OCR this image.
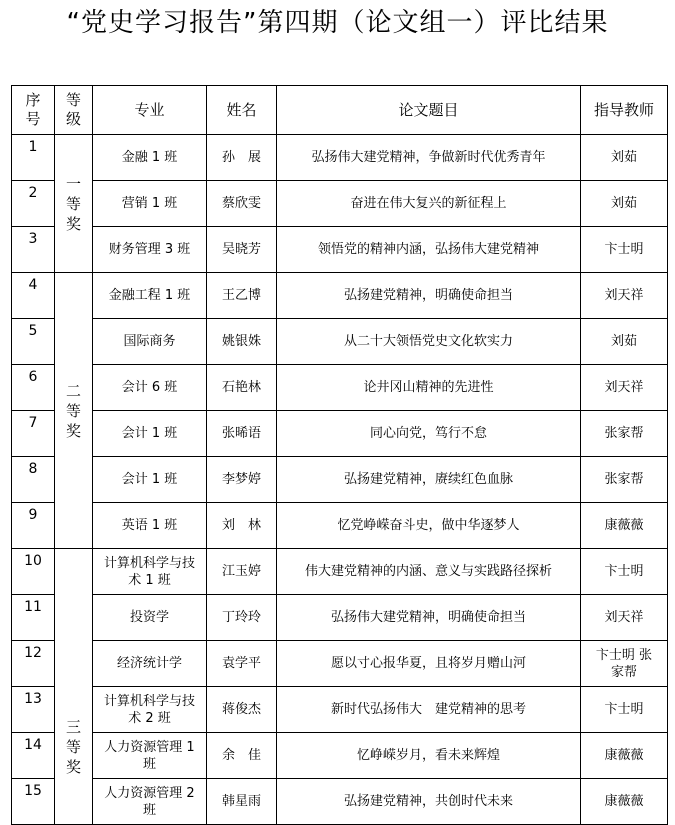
“党史学习报告”第四期（论文组一）评比结果
序号	等级	专业	姓名	论文题目	指导教师
1	一等奖	金融 1 班	孙　展	弘扬伟大建党精神，争做新时代优秀青年	刘茹
2		营销 1 班	蔡欣雯	奋进在伟大复兴的新征程上	刘茹
3		财务管理 3 班	吴晓芳	领悟党的精神内涵，弘扬伟大建党精神	卞士明
4	二等奖	金融工程 1 班	王乙博	弘扬建党精神，明确使命担当	刘天祥
5		国际商务	姚银姝	从二十大领悟党史文化软实力	刘茹
6		会计 6 班	石艳林	论井冈山精神的先进性	刘天祥
7		会计 1 班	张晞语	同心向党，笃行不怠	张家帮
8		会计 1 班	李梦婷	弘扬建党精神，赓续红色血脉	张家帮
9		英语 1 班	刘　林	忆党峥嵘奋斗史，做中华逐梦人	康薇薇
10	三等奖	计算机科学与技术 1 班	江玉婷	伟大建党精神的内涵、意义与实践路径探析	卞士明
11		投资学	丁玲玲	弘扬伟大建党精神，明确使命担当	刘天祥
12		经济统计学	袁学平	愿以寸心报华夏，且将岁月赠山河	卞士明 张家帮
13		计算机科学与技术 2 班	蒋俊杰	新时代弘扬伟大　建党精神的思考	卞士明
14		人力资源管理 1 班	余　佳	忆峥嵘岁月，看未来辉煌	康薇薇
15		人力资源管理 2 班	韩星雨	弘扬建党精神，共创时代未来	康薇薇
